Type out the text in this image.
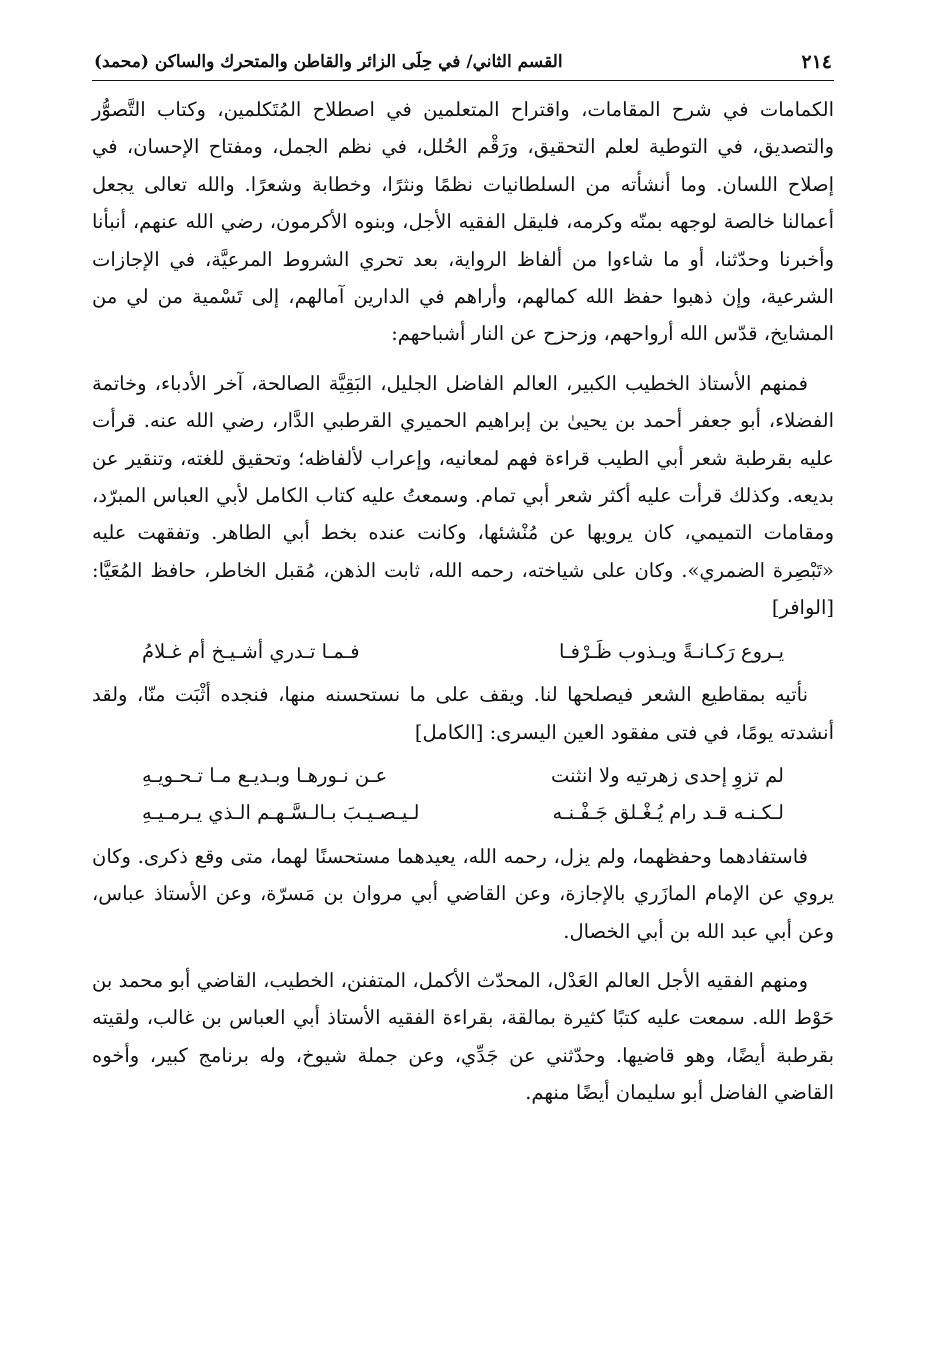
٢١٤
القسم الثاني/ في حِلَى الزائر والقاطن والمتحرك والساكن (محمد)

الكمامات في شرح المقامات، واقتراح المتعلمين في اصطلاح المُتَكلمين، وكتاب التَّصوُّر والتصديق، في التوطية لعلم التحقيق، ورَقْم الحُلل، في نظم الجمل، ومفتاح الإحسان، في إصلاح اللسان. وما أنشأته من السلطانيات نظمًا ونثرًا، وخطابة وشعرًا. والله تعالى يجعل أعمالنا خالصة لوجهه بمنّه وكرمه، فليقل الفقيه الأجل، وبنوه الأكرمون، رضي الله عنهم، أنبأنا وأخبرنا وحدّثنا، أو ما شاءوا من ألفاظ الرواية، بعد تحري الشروط المرعيَّة، في الإجازات الشرعية، وإن ذهبوا حفظ الله كمالهم، وأراهم في الدارين آمالهم، إلى تَسْمية من لي من المشايخ، قدّس الله أرواحهم، وزحزح عن النار أشباحهم:

فمنهم الأستاذ الخطيب الكبير، العالم الفاضل الجليل، البَقِيَّة الصالحة، آخر الأدباء، وخاتمة الفضلاء، أبو جعفر أحمد بن يحيىٰ بن إبراهيم الحميري القرطبي الدَّار، رضي الله عنه. قرأت عليه بقرطبة شعر أبي الطيب قراءة فهم لمعانيه، وإعراب لألفاظه؛ وتحقيق للغته، وتنقير عن بديعه. وكذلك قرأت عليه أكثر شعر أبي تمام. وسمعتُ عليه كتاب الكامل لأبي العباس المبرّد، ومقامات التميمي، كان يرويها عن مُنْشئها، وكانت عنده بخط أبي الطاهر. وتفقهت عليه «تَبْصِرة الضمري». وكان على شياخته، رحمه الله، ثابت الذهن، مُقبل الخاطر، حافظ المُعَيَّا: [الوافر]

يـروع رَكـانـةً ويـذوب ظَـرْفـا
فـمـا تـدري أشـيـخ أم غـلامُ

نأتيه بمقاطيع الشعر فيصلحها لنا. ويقف على ما نستحسنه منها، فنجده أثْبَت منّا، ولقد أنشدته يومًا، في فتى مفقود العين اليسرى: [الكامل]

لم تزوِ إحدى زهرتيه ولا انثنت
عـن نـورهـا وبـديـع مـا تـحـويـهِ
لـكـنـه قـد رام يُـغْـلق جَـفْـنـه
لـيـصـيـبَ بـالـسَّـهـم الـذي يـرمـيـهِ

فاستفادهما وحفظهما، ولم يزل، رحمه الله، يعيدهما مستحسنًا لهما، متى وقع ذكرى. وكان يروي عن الإمام المازَري بالإجازة، وعن القاضي أبي مروان بن مَسرّة، وعن الأستاذ عباس، وعن أبي عبد الله بن أبي الخصال.

ومنهم الفقيه الأجل العالم العَدْل، المحدّث الأكمل، المتفنن، الخطيب، القاضي أبو محمد بن حَوْط الله. سمعت عليه كتبًا كثيرة بمالقة، بقراءة الفقيه الأستاذ أبي العباس بن غالب، ولقيته بقرطبة أيضًا، وهو قاضيها. وحدّثني عن جَدِّي، وعن جملة شيوخ، وله برنامج كبير، وأخوه القاضي الفاضل أبو سليمان أيضًا منهم.
